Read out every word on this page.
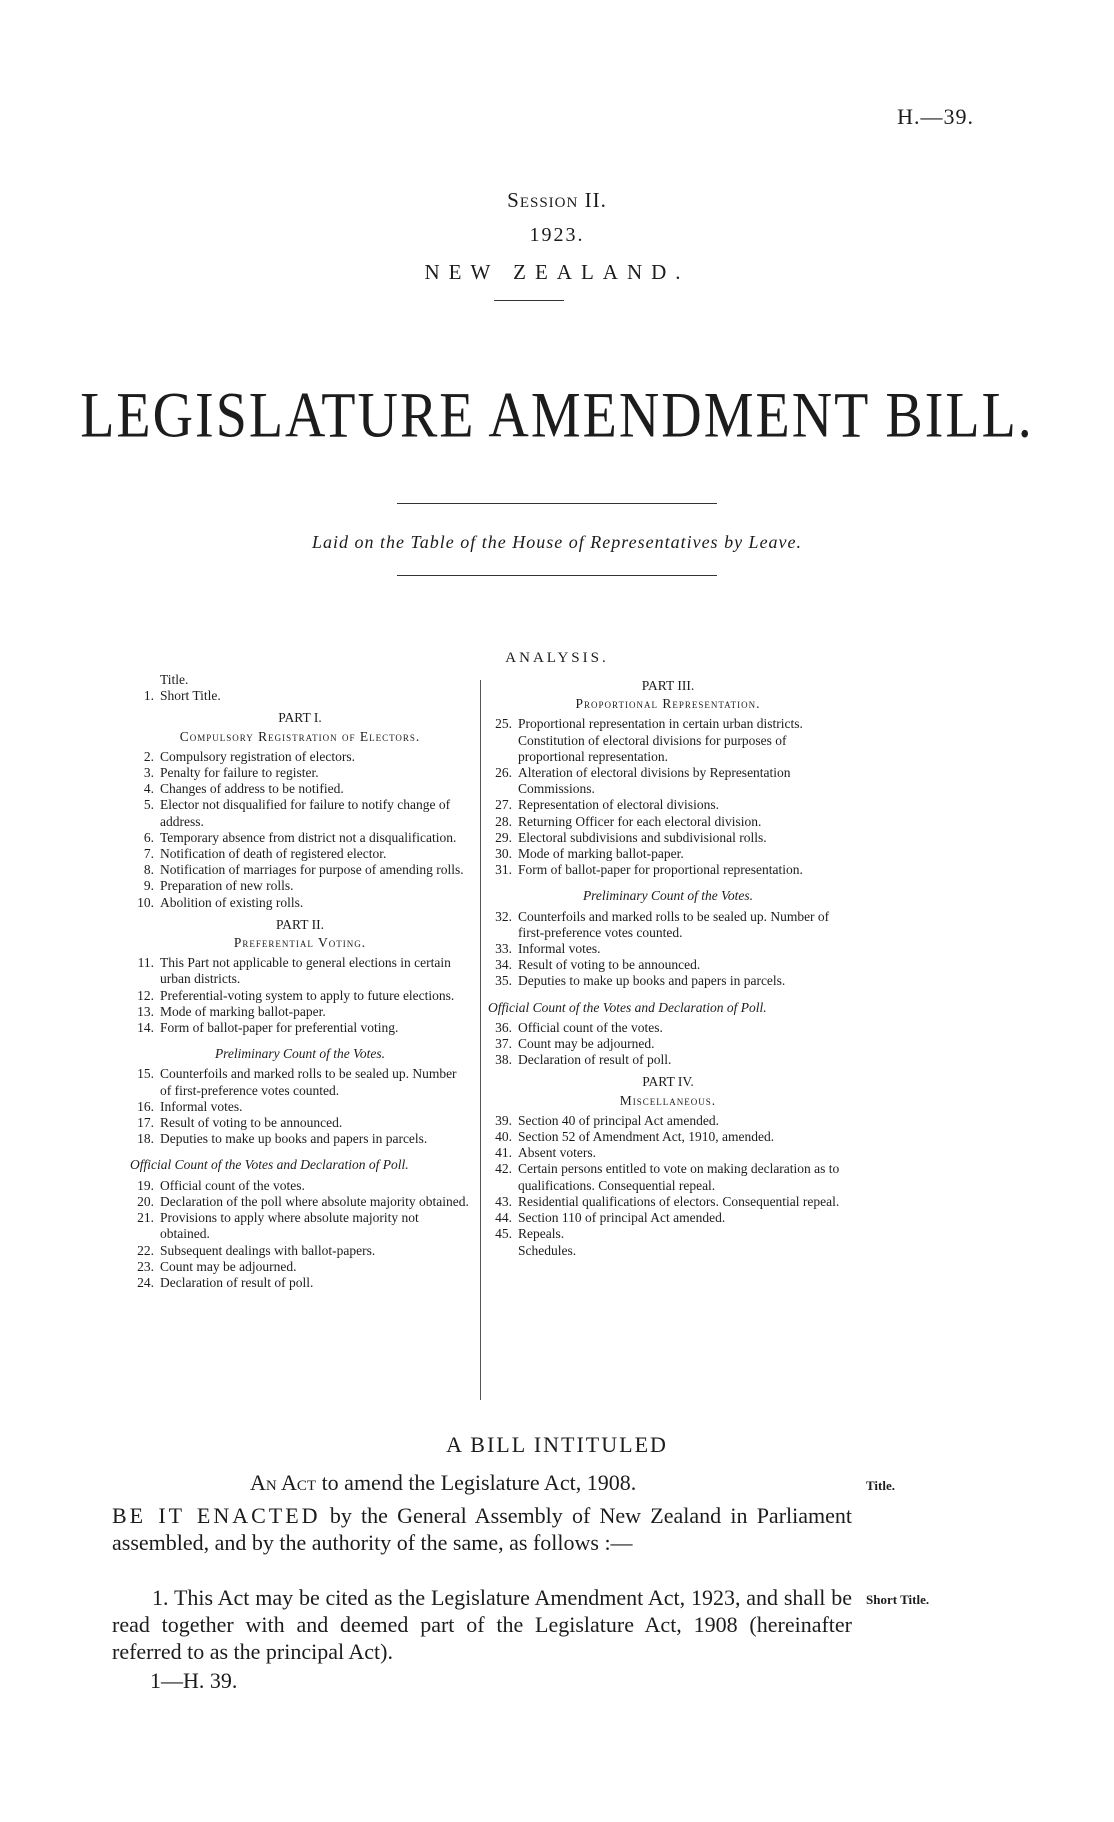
H.—39.
Session II.
1923.
NEW ZEALAND.
LEGISLATURE AMENDMENT BILL.
Laid on the Table of the House of Representatives by Leave.
ANALYSIS.
Title.
1. Short Title.
PART I.
Compulsory Registration of Electors.
2. Compulsory registration of electors.
3. Penalty for failure to register.
4. Changes of address to be notified.
5. Elector not disqualified for failure to notify change of address.
6. Temporary absence from district not a disqualification.
7. Notification of death of registered elector.
8. Notification of marriages for purpose of amending rolls.
9. Preparation of new rolls.
10. Abolition of existing rolls.
PART II.
Preferential Voting.
11. This Part not applicable to general elections in certain urban districts.
12. Preferential-voting system to apply to future elections.
13. Mode of marking ballot-paper.
14. Form of ballot-paper for preferential voting.
Preliminary Count of the Votes.
15. Counterfoils and marked rolls to be sealed up. Number of first-preference votes counted.
16. Informal votes.
17. Result of voting to be announced.
18. Deputies to make up books and papers in parcels.
Official Count of the Votes and Declaration of Poll.
19. Official count of the votes.
20. Declaration of the poll where absolute majority obtained.
21. Provisions to apply where absolute majority not obtained.
22. Subsequent dealings with ballot-papers.
23. Count may be adjourned.
24. Declaration of result of poll.
PART III.
Proportional Representation.
25. Proportional representation in certain urban districts. Constitution of electoral divisions for purposes of proportional representation.
26. Alteration of electoral divisions by Representation Commissions.
27. Representation of electoral divisions.
28. Returning Officer for each electoral division.
29. Electoral subdivisions and subdivisional rolls.
30. Mode of marking ballot-paper.
31. Form of ballot-paper for proportional representation.
Preliminary Count of the Votes.
32. Counterfoils and marked rolls to be sealed up. Number of first-preference votes counted.
33. Informal votes.
34. Result of voting to be announced.
35. Deputies to make up books and papers in parcels.
Official Count of the Votes and Declaration of Poll.
36. Official count of the votes.
37. Count may be adjourned.
38. Declaration of result of poll.
PART IV.
Miscellaneous.
39. Section 40 of principal Act amended.
40. Section 52 of Amendment Act, 1910, amended.
41. Absent voters.
42. Certain persons entitled to vote on making declaration as to qualifications. Consequential repeal.
43. Residential qualifications of electors. Consequential repeal.
44. Section 110 of principal Act amended.
45. Repeals.
Schedules.
A BILL INTITULED
An Act to amend the Legislature Act, 1908.	Title.
BE IT ENACTED by the General Assembly of New Zealand in Parliament assembled, and by the authority of the same, as follows :—
1. This Act may be cited as the Legislature Amendment Act, 1923, and shall be read together with and deemed part of the Legislature Act, 1908 (hereinafter referred to as the principal Act).
Short Title.
1—H. 39.
